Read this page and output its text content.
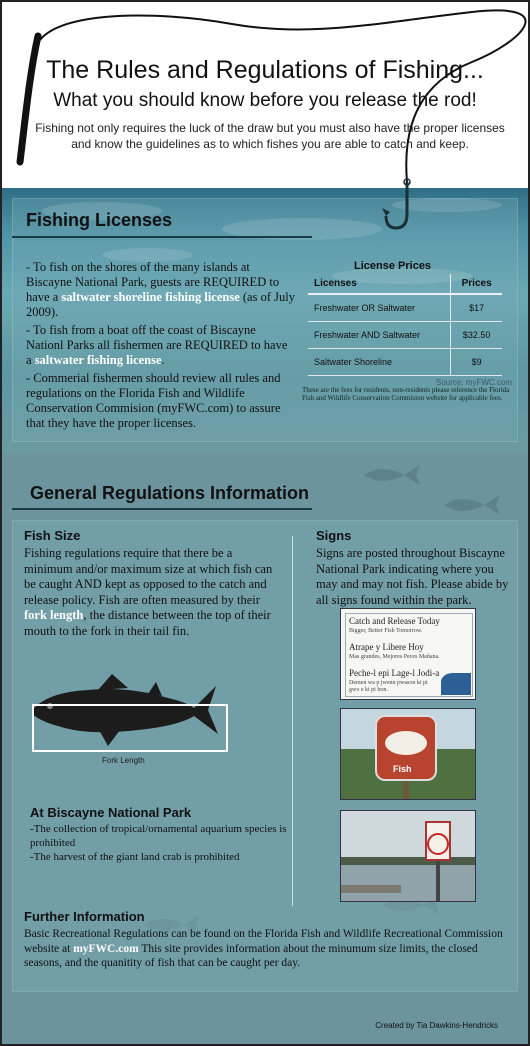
The Rules and Regulations of Fishing...
What you should know before you release the rod!
Fishing not only requires the luck of the draw but you must also have the proper licenses and know the guidelines as to which fishes you are able to catch and keep.
Fishing Licenses

- To fish on the shores of the many islands at Biscayne National Park, guests are REQUIRED to have a saltwater shoreline fishing license (as of July 2009).

- To fish from a boat off the coast of Biscayne Nationl Parks all fishermen are REQUIRED to have a saltwater fishing license.

- Commerial fishermen should review all rules and regulations on the Florida Fish and Wildlife Conservation Commision (myFWC.com) to assure that they have the proper licenses.

License Prices
Licenses	Prices
Freshwater OR Saltwater	$17
Freshwater AND Saltwater	$32.50
Saltwater Shoreline	$9
Source: myFWC.com
These are the fees for residents, non-residents please reference the Florida Fish and Wildlife Conservation Commision website for applicable fees.
General Regulations Information
Fish Size
Fishing regulations require that there be a minimum and/or maximum size at which fish can be caught AND kept as opposed to the catch and release policy. Fish are often measured by their fork length, the distance between the top of their mouth to the fork in their tail fin.
Fork Length
At Biscayne National Park
-The collection of tropical/ornamental aquarium species is prohibited
-The harvest of the giant land crab is prohibited
Signs
Signs are posted throughout Biscayne National Park indicating where you may and may not fish. Please abide by all signs found within the park.
Catch and Release Today
Bigger, Better Fish Tomorrow.
Atrape y Libere Hoy
Mas grandes, Mejores Peces Mañana.
Peche-l epi Lage-l Jodi-a
Demen wa p jwenn pwason ki pi
gwo e ki pi bon.
Fish
Further Information
Basic Recreational Regulations can be found on the Florida Fish and Wildlife Recreational Commission website at myFWC.com This site provides information about the minumum size limits, the closed seasons, and the quanitity of fish that can be caught per day.
Created by Tia Dawkins-Hendricks
